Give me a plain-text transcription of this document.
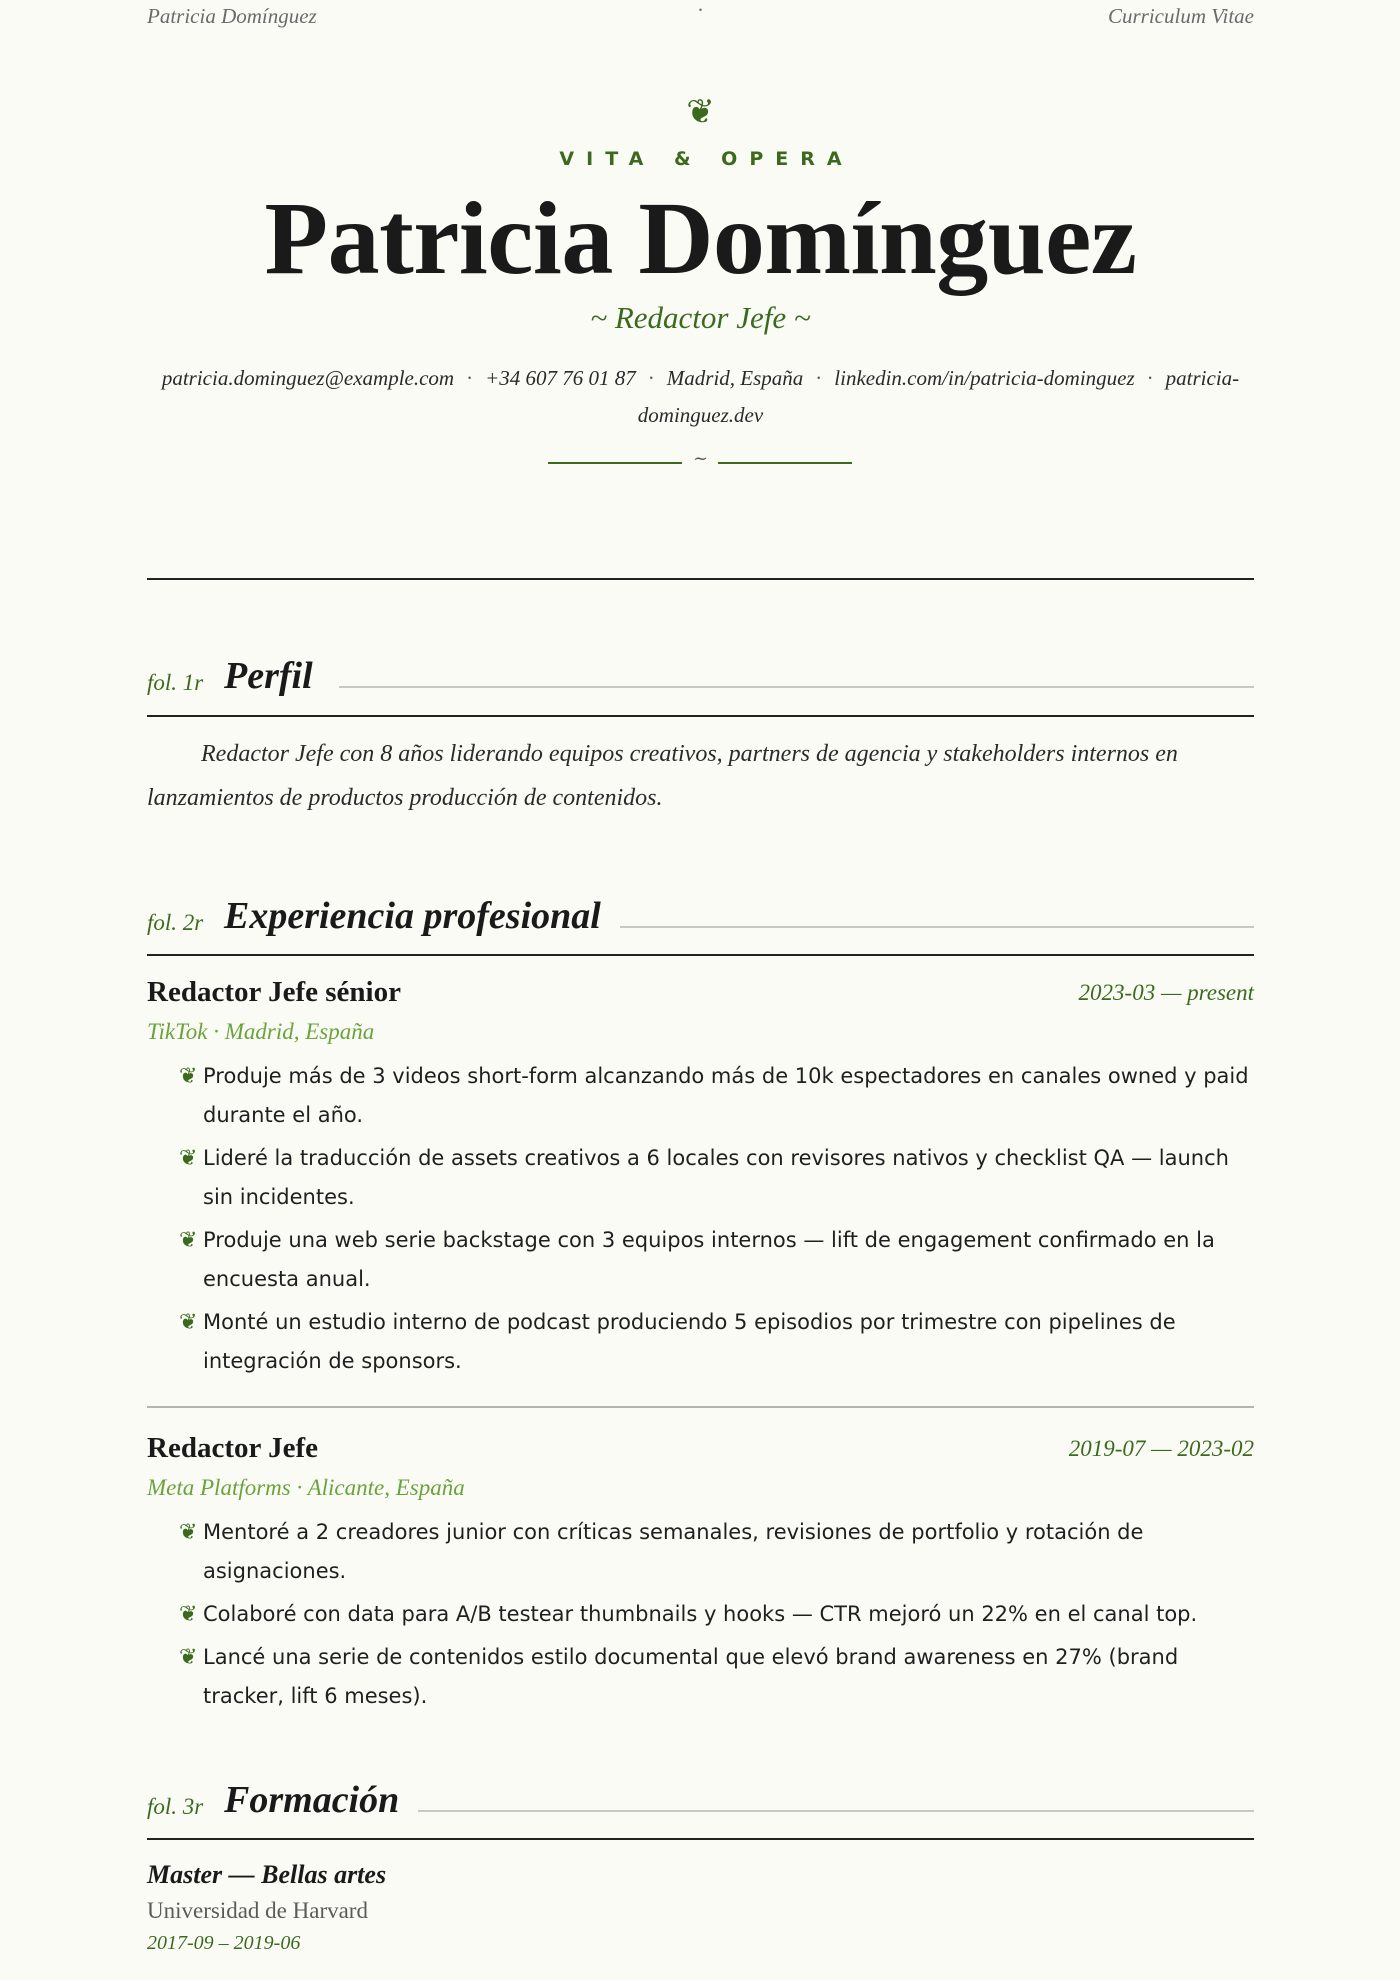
Patricia Domínguez	·	Curriculum Vitae
❦
VITA & OPERA
Patricia Domínguez
~ Redactor Jefe ~
patricia.dominguez@example.com · +34 607 76 01 87 · Madrid, España · linkedin.com/in/patricia-dominguez · patricia-dominguez.dev
~
fol. 1r Perfil
Redactor Jefe con 8 años liderando equipos creativos, partners de agencia y stakeholders internos en lanzamientos de productos producción de contenidos.
fol. 2r Experiencia profesional
Redactor Jefe sénior	2023-03 — present
TikTok · Madrid, España
❦ Produje más de 3 videos short-form alcanzando más de 10k espectadores en canales owned y paid durante el año.
❦ Lideré la traducción de assets creativos a 6 locales con revisores nativos y checklist QA — launch sin incidentes.
❦ Produje una web serie backstage con 3 equipos internos — lift de engagement confirmado en la encuesta anual.
❦ Monté un estudio interno de podcast produciendo 5 episodios por trimestre con pipelines de integración de sponsors.
Redactor Jefe	2019-07 — 2023-02
Meta Platforms · Alicante, España
❦ Mentoré a 2 creadores junior con críticas semanales, revisiones de portfolio y rotación de asignaciones.
❦ Colaboré con data para A/B testear thumbnails y hooks — CTR mejoró un 22% en el canal top.
❦ Lancé una serie de contenidos estilo documental que elevó brand awareness en 27% (brand tracker, lift 6 meses).
fol. 3r Formación
Master — Bellas artes
Universidad de Harvard
2017-09 – 2019-06
